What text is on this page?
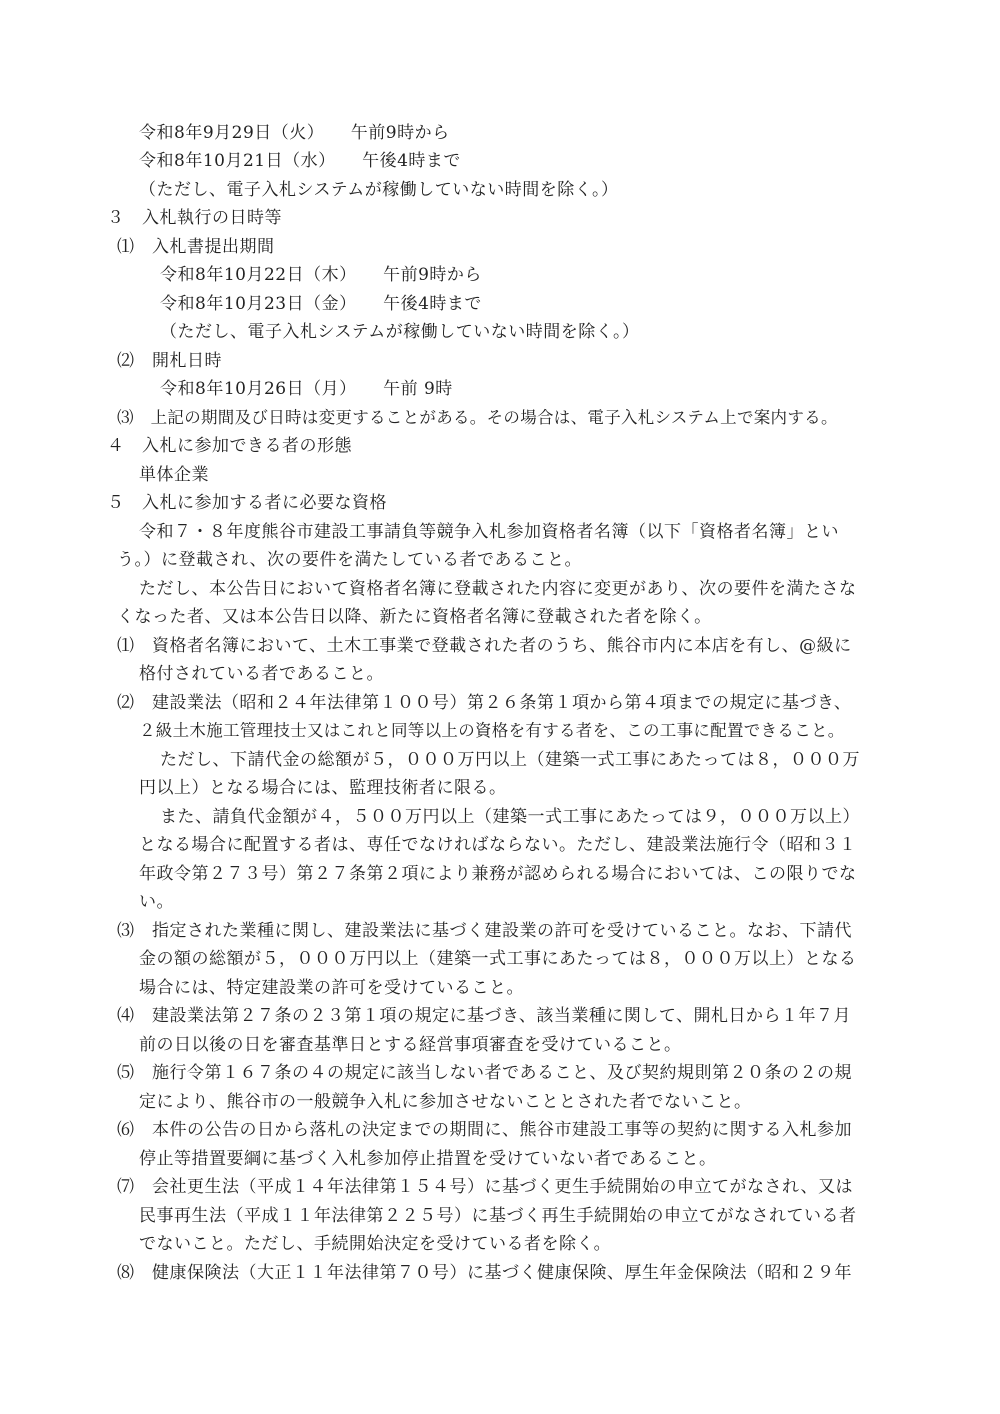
令和8年9月29日（火）　　午前9時から
令和8年10月21日（水）　　午後4時まで
（ただし、電子入札システムが稼働していない時間を除く。）
３　入札執行の日時等
⑴　入札書提出期間
令和8年10月22日（木）　　午前9時から
令和8年10月23日（金）　　午後4時まで
（ただし、電子入札システムが稼働していない時間を除く。）
⑵　開札日時
令和8年10月26日（月）　　午前 9時
⑶　上記の期間及び日時は変更することがある。その場合は、電子入札システム上で案内する。
４　入札に参加できる者の形態
単体企業
５　入札に参加する者に必要な資格
令和７・８年度熊谷市建設工事請負等競争入札参加資格者名簿（以下「資格者名簿」とい
う。）に登載され、次の要件を満たしている者であること。
ただし、本公告日において資格者名簿に登載された内容に変更があり、次の要件を満たさな
くなった者、又は本公告日以降、新たに資格者名簿に登載された者を除く。
⑴　資格者名簿において、土木工事業で登載された者のうち、熊谷市内に本店を有し、@級に
格付されている者であること。
⑵　建設業法（昭和２４年法律第１００号）第２６条第１項から第４項までの規定に基づき、
２級土木施工管理技士又はこれと同等以上の資格を有する者を、この工事に配置できること。
ただし、下請代金の総額が５，０００万円以上（建築一式工事にあたっては８，０００万
円以上）となる場合には、監理技術者に限る。
また、請負代金額が４，５００万円以上（建築一式工事にあたっては９，０００万以上）
となる場合に配置する者は、専任でなければならない。ただし、建設業法施行令（昭和３１
年政令第２７３号）第２７条第２項により兼務が認められる場合においては、この限りでな
い。
⑶　指定された業種に関し、建設業法に基づく建設業の許可を受けていること。なお、下請代
金の額の総額が５，０００万円以上（建築一式工事にあたっては８，０００万以上）となる
場合には、特定建設業の許可を受けていること。
⑷　建設業法第２７条の２３第１項の規定に基づき、該当業種に関して、開札日から１年７月
前の日以後の日を審査基準日とする経営事項審査を受けていること。
⑸　施行令第１６７条の４の規定に該当しない者であること、及び契約規則第２０条の２の規
定により、熊谷市の一般競争入札に参加させないこととされた者でないこと。
⑹　本件の公告の日から落札の決定までの期間に、熊谷市建設工事等の契約に関する入札参加
停止等措置要綱に基づく入札参加停止措置を受けていない者であること。
⑺　会社更生法（平成１４年法律第１５４号）に基づく更生手続開始の申立てがなされ、又は
民事再生法（平成１１年法律第２２５号）に基づく再生手続開始の申立てがなされている者
でないこと。ただし、手続開始決定を受けている者を除く。
⑻　健康保険法（大正１１年法律第７０号）に基づく健康保険、厚生年金保険法（昭和２９年
